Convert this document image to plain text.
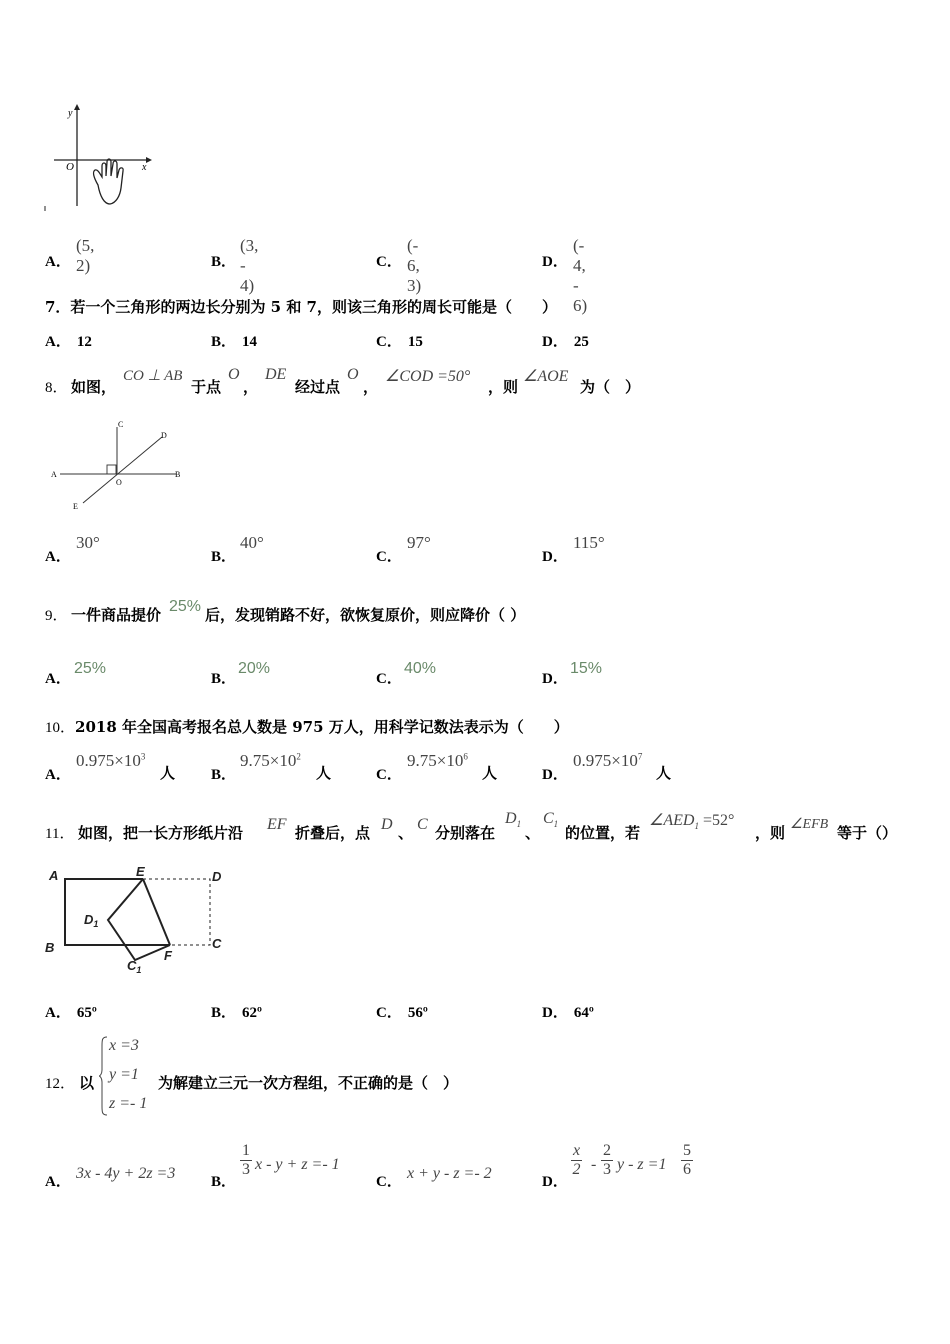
y
x
O
A．
(5, 2)	B．
(3, - 4)
C．
(- 6, 3)
D．
(- 4, - 6)
7．若一个三角形的两边长分别为 5 和 7，则该三角形的周长可能是（　　）
A． 12	B． 14	C． 15	D． 25
8． 如图，
CO ⊥ AB
于点
O
，
DE
经过点
O
，
∠COD =50°
，则
∠AOE
为（　）
A	B
C
D
E
O
A．
30°
B．
40°
C．
97°
D．
115°
9． 一件商品提价 25% 后，发现销路不好，欲恢复原价，则应降价（ ）
A．
25%
B．
20%
C．
40%
D．
15%
10．2018 年全国高考报名总人数是 975 万人，用科学记数法表示为（　　）
A．
$0.975\times 10^3$
人 B．
$9.75\times 10^2$
人	C．
$9.75\times 10^6$
人	D．
$0.975\times 10^7$
人
11． 如图，把一长方形纸片沿 EF 折叠后，点 D 、 C 分别落在
$D_1$ 、
$C_1$ 的位置，若
$\angle AED_1 =52^\circ$
，则 ∠EFB 等于（）
A
B
E	D
C
F
$D_1$
$C_1$
A． 65º	B． 62º	C． 56º	D． 64º
12． 以
x =3
y =1
z =- 1
为解建立三元一次方程组，不正确的是（　）
A． 3x - 4y + 2z =3 B．
$\frac{1}{3}$ x - y + z =- 1
C． x + y - z =- 2	D．
$\frac{x}{2} - \frac{2}{3}$ $y - z =1 \frac{5}{6}$
